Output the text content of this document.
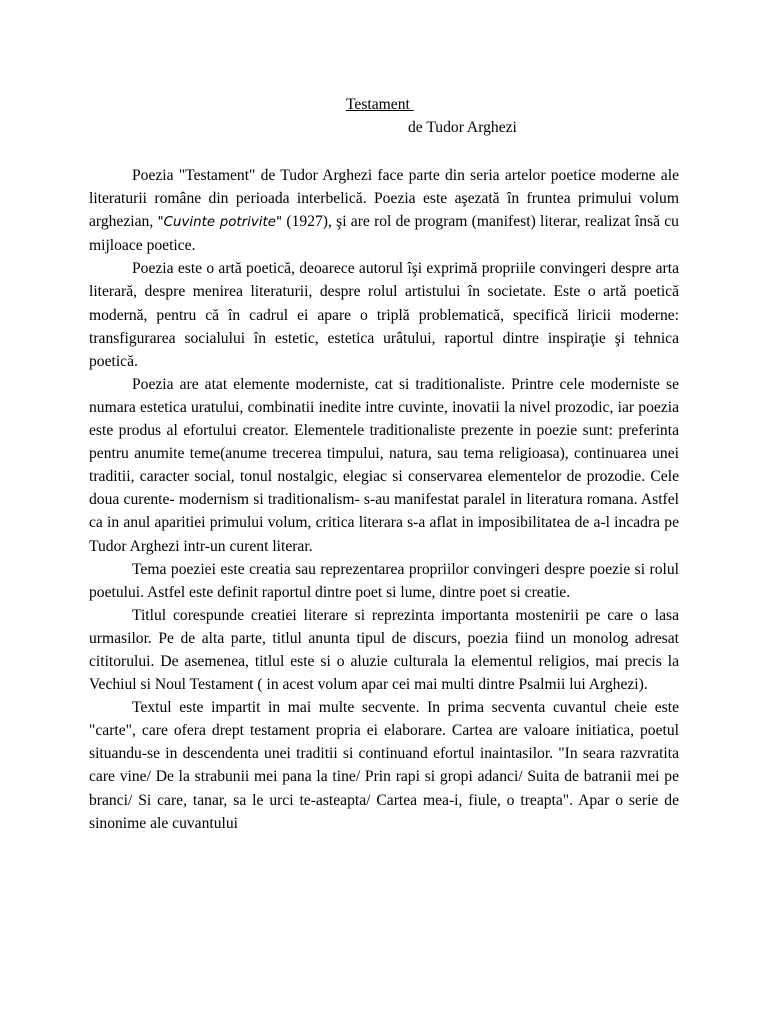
Testament
de Tudor Arghezi

Poezia "Testament" de Tudor Arghezi face parte din seria artelor poetice moderne ale literaturii române din perioada interbelică. Poezia este aşezată în fruntea primului volum arghezian, "Cuvinte potrivite" (1927), şi are rol de program (manifest) literar, realizat însă cu mijloace poetice.

Poezia este o artă poetică, deoarece autorul îşi exprimă propriile convingeri despre arta literară, despre menirea literaturii, despre rolul artistului în societate. Este o artă poetică modernă, pentru că în cadrul ei apare o triplă problematică, specifică liricii moderne: transfigurarea socialului în estetic, estetica urâtului, raportul dintre inspiraţie şi tehnica poetică.

Poezia are atat elemente moderniste, cat si traditionaliste. Printre cele moderniste se numara estetica uratului, combinatii inedite intre cuvinte, inovatii la nivel prozodic, iar poezia este produs al efortului creator. Elementele traditionaliste prezente in poezie sunt: preferinta pentru anumite teme(anume trecerea timpului, natura, sau tema religioasa), continuarea unei traditii, caracter social, tonul nostalgic, elegiac si conservarea elementelor de prozodie. Cele doua curente- modernism si traditionalism- s-au manifestat paralel in literatura romana. Astfel ca in anul aparitiei primului volum, critica literara s-a aflat in imposibilitatea de a-l incadra pe Tudor Arghezi intr-un curent literar.

Tema poeziei este creatia sau reprezentarea propriilor convingeri despre poezie si rolul poetului. Astfel este definit raportul dintre poet si lume, dintre poet si creatie.

Titlul corespunde creatiei literare si reprezinta importanta mostenirii pe care o lasa urmasilor. Pe de alta parte, titlul anunta tipul de discurs, poezia fiind un monolog adresat cititorului. De asemenea, titlul este si o aluzie culturala la elementul religios, mai precis la Vechiul si Noul Testament ( in acest volum apar cei mai multi dintre Psalmii lui Arghezi).

Textul este impartit in mai multe secvente. In prima secventa cuvantul cheie este "carte", care ofera drept testament propria ei elaborare. Cartea are valoare initiatica, poetul situandu-se in descendenta unei traditii si continuand efortul inaintasilor. "In seara razvratita care vine/ De la strabunii mei pana la tine/ Prin rapi si gropi adanci/ Suita de batranii mei pe branci/ Si care, tanar, sa le urci te-asteapta/ Cartea mea-i, fiule, o treapta". Apar o serie de sinonime ale cuvantului
